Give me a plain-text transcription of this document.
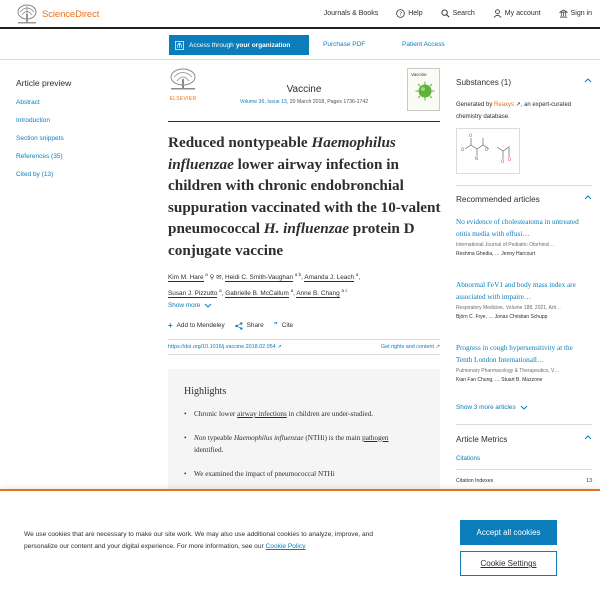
ScienceDirect	Journals & Books	? Help	Search	My account	Sign in
Access through your organization	Purchase PDF	Patient Access
Article preview
Abstract
Introduction
Section snippets
References (35)
Cited by (13)
ELSEVIER
Vaccine
Volume 36, Issue 13, 20 March 2018, Pages 1736-1742
Vaccine
Reduced nontypeable Haemophilus influenzae lower airway infection in children with chronic endobronchial suppuration vaccinated with the 10-valent pneumococcal H. influenzae protein D conjugate vaccine
Kim M. Hare $^a$ ⚲ ✉, Heidi C. Smith-Vaughan $^{a b}$, Amanda J. Leach $^a$,
Susan J. Pizzutto $^a$, Gabrielle B. McCallum $^a$, Anne B. Chang $^{a c}$
Show more
+ Add to Mendeley	Share ” Cite
https://doi.org/10.1016/j.vaccine.2018.02.054 ↗	Get rights and content ↗
Highlights
• Chronic lower airway infections in children are under-studied.
• Non typeable Haemophilus influenzae (NTHi) is the main pathogen identified.
• We examined the impact of pneumococcal NTHi
Substances (1)
Generated by Reaxys ↗, an expert-curated chemistry database.
O
O
N
O
O O
Recommended articles
No evidence of cholesteatoma in untreated otitis media with effusi…
International Journal of Pediatric Otorhinol…
Reshma Ghedia, … Jenny Harcourt
Abnormal FeV1 and body mass index are associated with impaire…
Respiratory Medicine, Volume 188, 2021, Arti…
Björn C. Frye, … Jonas Christian Schupp
Progress in cough hypersensitivity at the Tenth London Internationall…
Pulmonary Pharmacology & Therapeutics, V…
Kian Fan Chung, … Stuart B. Mazzone
Show 3 more articles
Article Metrics
Citations
Citation Indexes	13
We use cookies that are necessary to make our site work. We may also use additional cookies to analyze, improve, and personalize our content and your digital experience. For more information, see our Cookie Policy
Accept all cookies
Cookie Settings
